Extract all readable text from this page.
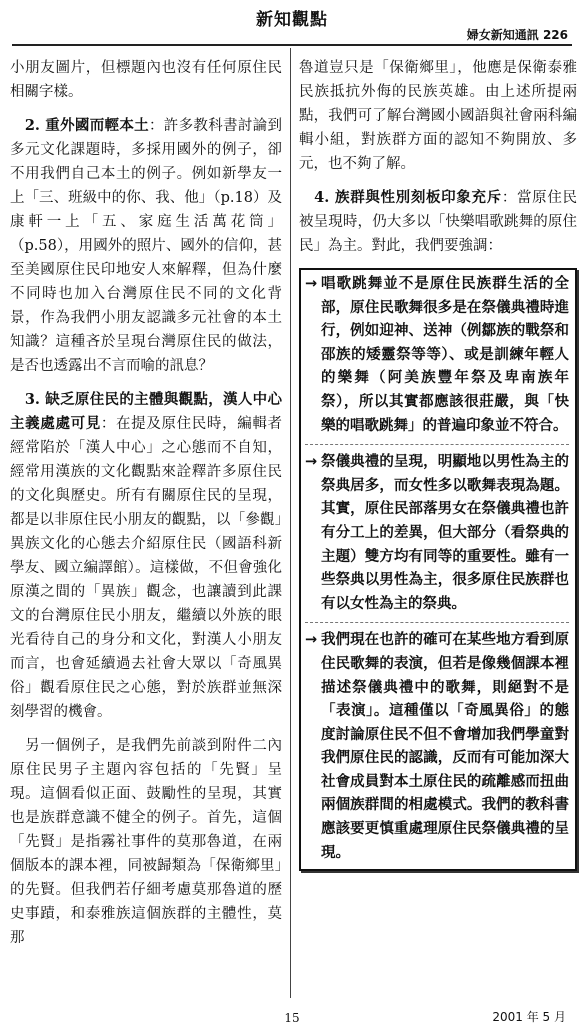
新知觀點

婦女新知通訊 226

小朋友圖片，但標題內也沒有任何原住民相關字樣。

　2. 重外國而輕本土：許多教科書討論到多元文化課題時，多採用國外的例子，卻不用我們自己本土的例子。例如新學友一上「三、班級中的你、我、他」（p.18）及康軒一上「五、家庭生活萬花筒」（p.58），用國外的照片、國外的信仰，甚至美國原住民印地安人來解釋，但為什麼不同時也加入台灣原住民不同的文化背景，作為我們小朋友認識多元社會的本土知識？這種吝於呈現台灣原住民的做法，是否也透露出不言而喻的訊息？

　3. 缺乏原住民的主體與觀點，漢人中心主義處處可見：在提及原住民時，編輯者經常陷於「漢人中心」之心態而不自知，經常用漢族的文化觀點來詮釋許多原住民的文化與歷史。所有有關原住民的呈現，都是以非原住民小朋友的觀點，以「參觀」異族文化的心態去介紹原住民（國語科新學友、國立編譯館）。這樣做，不但會強化原漢之間的「異族」觀念，也讓讀到此課文的台灣原住民小朋友，繼續以外族的眼光看待自己的身分和文化，對漢人小朋友而言，也會延續過去社會大眾以「奇風異俗」觀看原住民之心態，對於族群並無深刻學習的機會。

　另一個例子，是我們先前談到附件二內原住民男子主題內容包括的「先賢」呈現。這個看似正面、鼓勵性的呈現，其實也是族群意識不健全的例子。首先，這個「先賢」是指霧社事件的莫那魯道，在兩個版本的課本裡，同被歸類為「保衛鄉里」的先賢。但我們若仔細考慮莫那魯道的歷史事蹟，和泰雅族這個族群的主體性，莫那

魯道豈只是「保衛鄉里」，他應是保衛泰雅民族抵抗外侮的民族英雄。由上述所提兩點，我們可了解台灣國小國語與社會兩科編輯小組，對族群方面的認知不夠開放、多元，也不夠了解。

　4. 族群與性別刻板印象充斥：當原住民被呈現時，仍大多以「快樂唱歌跳舞的原住民」為主。對此，我們要強調：

→ 唱歌跳舞並不是原住民族群生活的全部，原住民歌舞很多是在祭儀典禮時進行，例如迎神、送神（例鄒族的戰祭和邵族的矮靈祭等等）、或是訓練年輕人的樂舞（阿美族豐年祭及卑南族年祭），所以其實都應該很莊嚴，與「快樂的唱歌跳舞」的普遍印象並不符合。
→ 祭儀典禮的呈現，明顯地以男性為主的祭典居多，而女性多以歌舞表現為題。其實，原住民部落男女在祭儀典禮也許有分工上的差異，但大部分（看祭典的主題）雙方均有同等的重要性。雖有一些祭典以男性為主，很多原住民族群也有以女性為主的祭典。
→ 我們現在也許的確可在某些地方看到原住民歌舞的表演，但若是像幾個課本裡描述祭儀典禮中的歌舞，則絕對不是「表演」。這種僅以「奇風異俗」的態度討論原住民不但不會增加我們學童對我們原住民的認識，反而有可能加深大社會成員對本土原住民的疏離感而扭曲兩個族群間的相處模式。我們的教科書應該要更慎重處理原住民祭儀典禮的呈現。

15	2001 年 5 月
